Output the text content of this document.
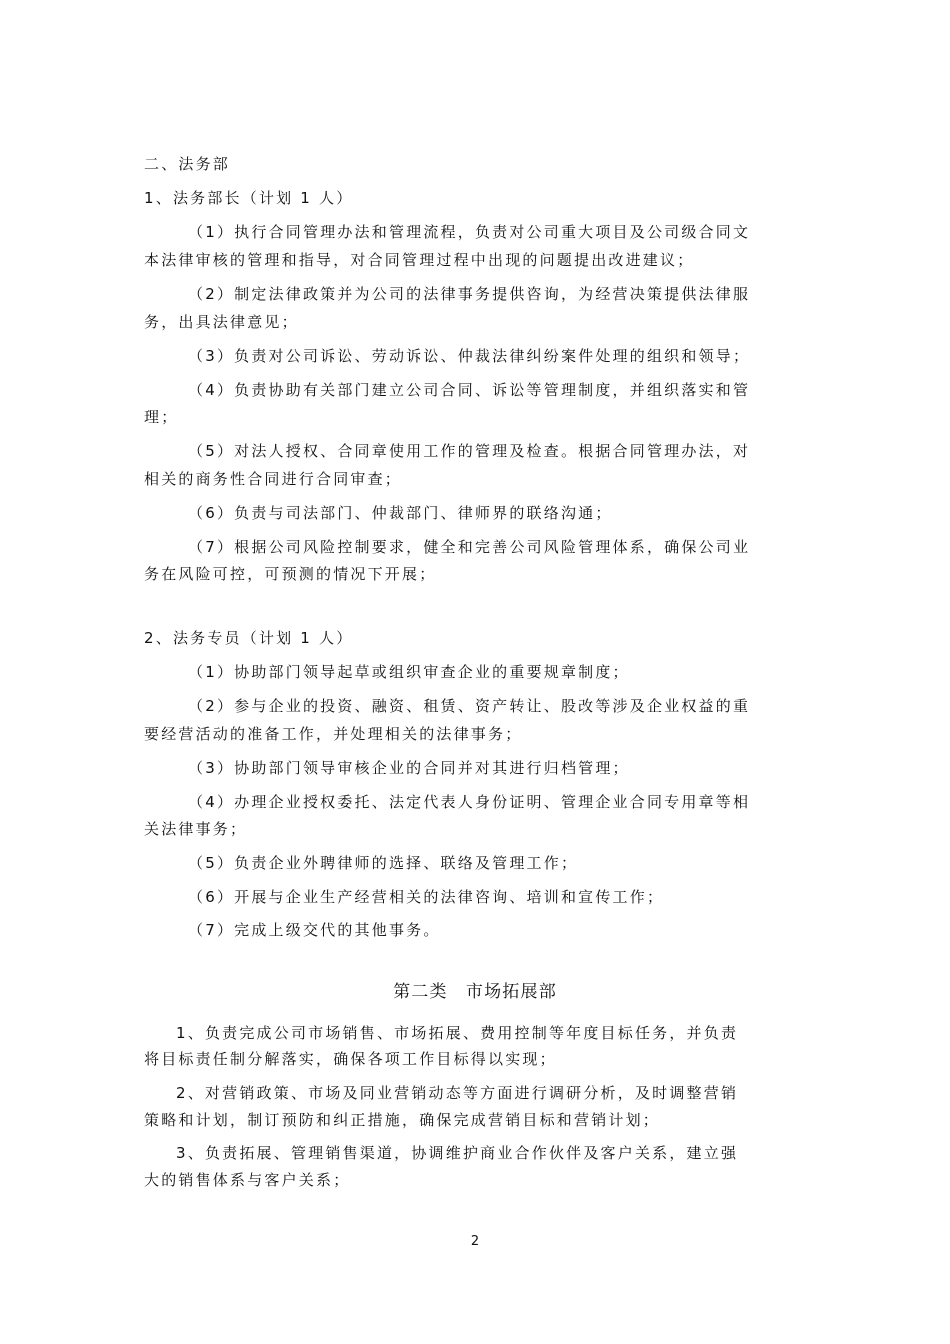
二、法务部
1、法务部长（计划 1 人）
（1）执行合同管理办法和管理流程，负责对公司重大项目及公司级合同文
本法律审核的管理和指导，对合同管理过程中出现的问题提出改进建议；
（2）制定法律政策并为公司的法律事务提供咨询，为经营决策提供法律服
务，出具法律意见；
（3）负责对公司诉讼、劳动诉讼、仲裁法律纠纷案件处理的组织和领导；
（4）负责协助有关部门建立公司合同、诉讼等管理制度，并组织落实和管
理；
（5）对法人授权、合同章使用工作的管理及检查。根据合同管理办法，对
相关的商务性合同进行合同审查；
（6）负责与司法部门、仲裁部门、律师界的联络沟通；
（7）根据公司风险控制要求，健全和完善公司风险管理体系，确保公司业
务在风险可控，可预测的情况下开展；
2、法务专员（计划 1 人）
（1）协助部门领导起草或组织审查企业的重要规章制度；
（2）参与企业的投资、融资、租赁、资产转让、股改等涉及企业权益的重
要经营活动的准备工作，并处理相关的法律事务；
（3）协助部门领导审核企业的合同并对其进行归档管理；
（4）办理企业授权委托、法定代表人身份证明、管理企业合同专用章等相
关法律事务；
（5）负责企业外聘律师的选择、联络及管理工作；
（6）开展与企业生产经营相关的法律咨询、培训和宣传工作；
（7）完成上级交代的其他事务。
第二类　市场拓展部
1、负责完成公司市场销售、市场拓展、费用控制等年度目标任务，并负责
将目标责任制分解落实，确保各项工作目标得以实现；
2、对营销政策、市场及同业营销动态等方面进行调研分析，及时调整营销
策略和计划，制订预防和纠正措施，确保完成营销目标和营销计划；
3、负责拓展、管理销售渠道，协调维护商业合作伙伴及客户关系，建立强
大的销售体系与客户关系；
2
